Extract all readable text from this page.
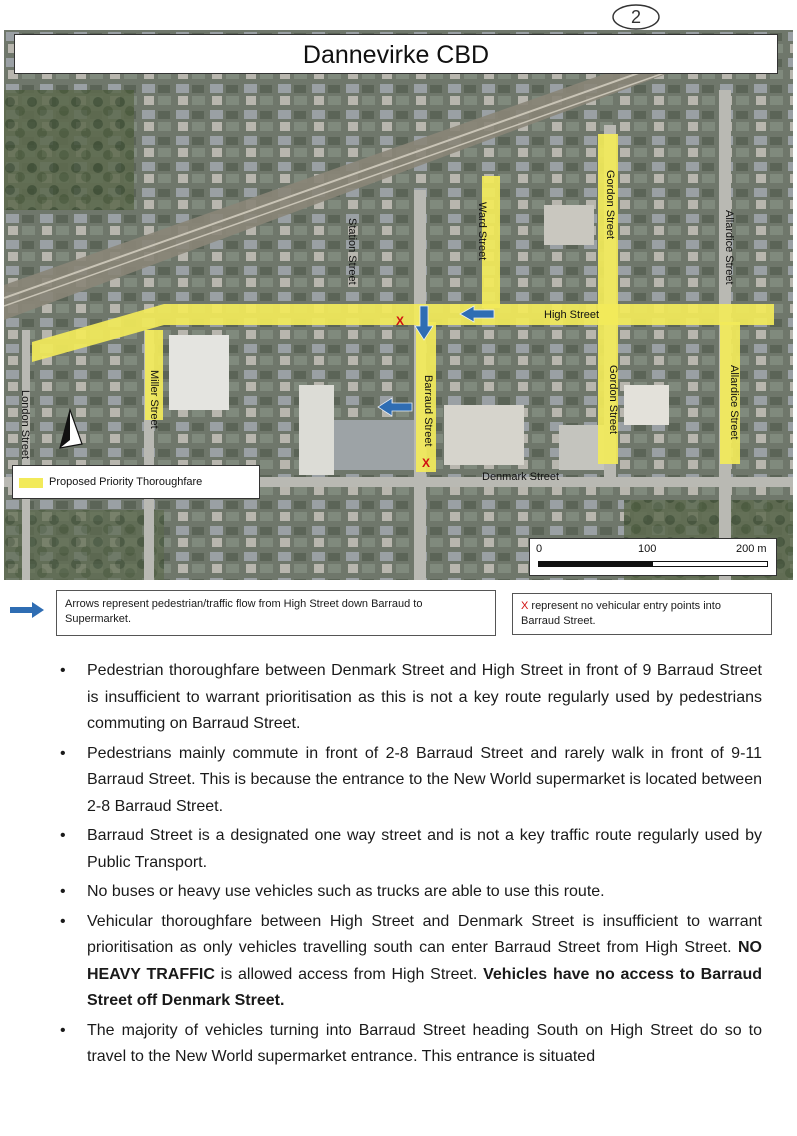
2
Dannevirke CBD
Ward Street	Gordon Street
Allardice Street
Station Street
High Street
Miller Street
London Street	Barraud Street	Gordon Street	Allardice Street
Denmark Street
X
X
Proposed Priority Thoroughfare
0	100	200 m
Arrows represent pedestrian/traffic flow from High Street down Barraud to Supermarket.
X represent no vehicular entry points into Barraud Street.
• Pedestrian thoroughfare between Denmark Street and High Street in front of 9 Barraud Street is insufficient to warrant prioritisation as this is not a key route regularly used by pedestrians commuting on Barraud Street.
• Pedestrians mainly commute in front of 2-8 Barraud Street and rarely walk in front of 9-11 Barraud Street. This is because the entrance to the New World supermarket is located between 2-8 Barraud Street.
• Barraud Street is a designated one way street and is not a key traffic route regularly used by Public Transport.
• No buses or heavy use vehicles such as trucks are able to use this route.
• Vehicular thoroughfare between High Street and Denmark Street is insufficient to warrant prioritisation as only vehicles travelling south can enter Barraud Street from High Street. NO HEAVY TRAFFIC is allowed access from High Street. Vehicles have no access to Barraud Street off Denmark Street.
• The majority of vehicles turning into Barraud Street heading South on High Street do so to travel to the New World supermarket entrance. This entrance is situated
